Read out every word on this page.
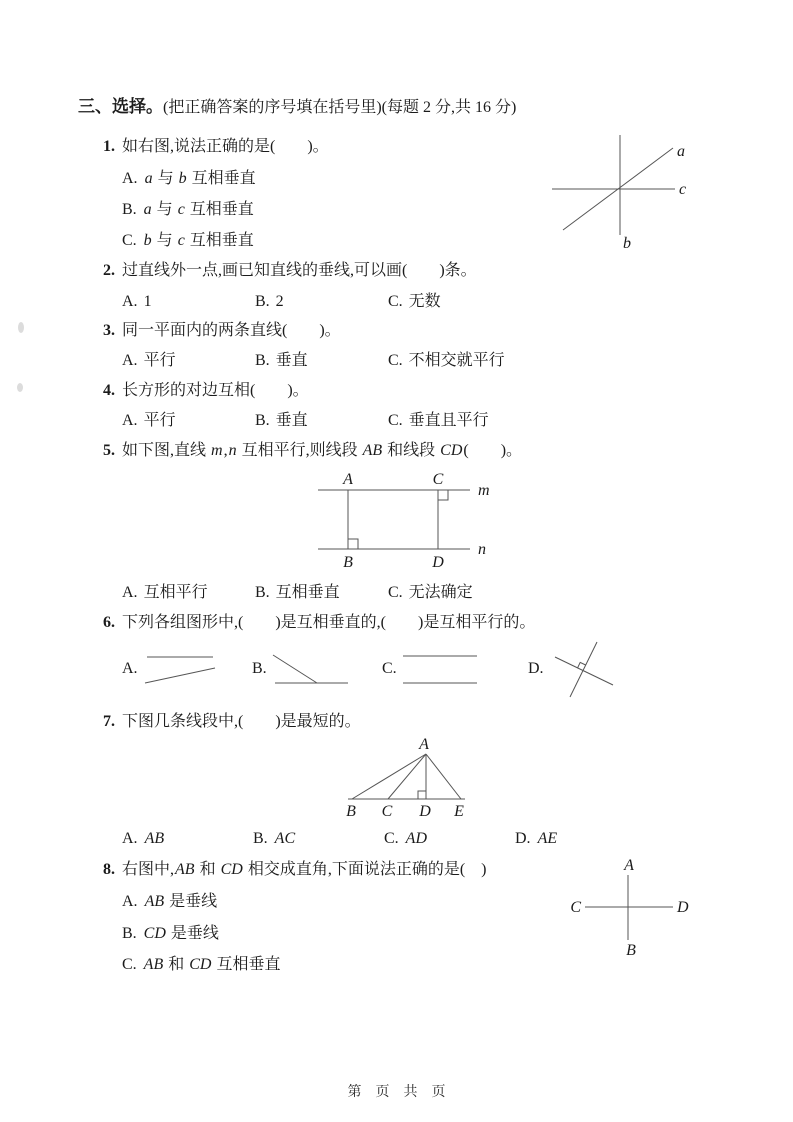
三、选择。(把正确答案的序号填在括号里)(每题 2 分,共 16 分)
1. 如右图,说法正确的是(　　)。
A. a 与 b 互相垂直
B. a 与 c 互相垂直
C. b 与 c 互相垂直
a
c
b
2. 过直线外一点,画已知直线的垂线,可以画(　　)条。
A. 1	B. 2	C. 无数
3. 同一平面内的两条直线(　　)。
A. 平行	B. 垂直	C. 不相交就平行
4. 长方形的对边互相(　　)。
A. 平行	B. 垂直	C. 垂直且平行
5. 如下图,直线 m,n 互相平行,则线段 AB 和线段 CD(　　)。
A	C
B	D
m
n
A. 互相平行	B. 互相垂直	C. 无法确定
6. 下列各组图形中,(　　)是互相垂直的,(　　)是互相平行的。
A.	B.	C.	D.
7. 下图几条线段中,(　　)是最短的。
A
B C D E
A. AB	B. AC	C. AD	D. AE
8. 右图中,AB 和 CD 相交成直角,下面说法正确的是(　)
A. AB 是垂线
B. CD 是垂线
C. AB 和 CD 互相垂直
A
B
C	D
第　页　共　页
